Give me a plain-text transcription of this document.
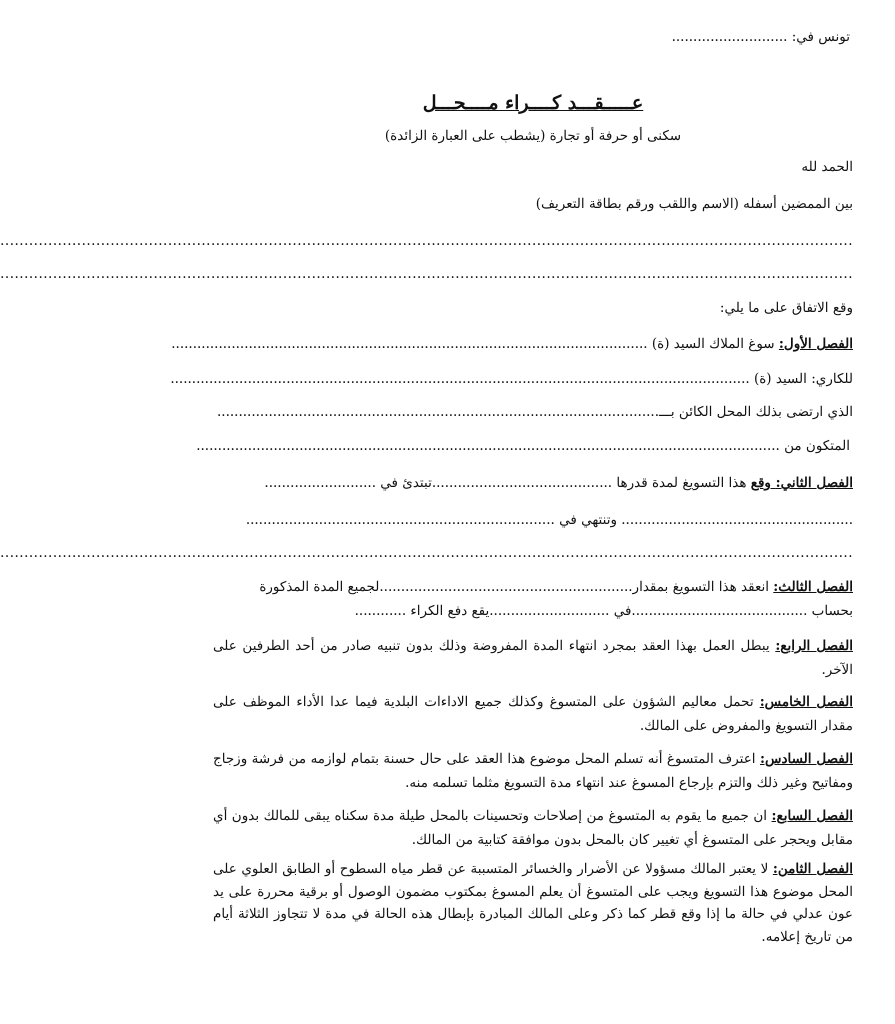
تونس في: ...........................
عـــــقـــد كــــراء مــــحـــل
سكنى أو حرفة أو تجارة (يشطب على العبارة الزائدة)
الحمد لله
بين الممضين أسفله (الاسم واللقب ورقم بطاقة التعريف)
..................................................................................................................................................................................
..................................................................................................................................................................................
وقع الاتفاق على ما يلي:
الفصل الأول: سوغ الملاك السيد (ة) ...............................................................................................................
للكاري: السيد (ة) .......................................................................................................................................
الذي ارتضى بذلك المحل الكائن بـــ.......................................................................................................
المتكون من ........................................................................................................................................
الفصل الثاني: وقع هذا التسويغ لمدة قدرها ..........................................تبتدئ في ..........................
...................................................... وتنتهي في ........................................................................
..................................................................................................................................................................................
الفصل الثالث: انعقد هذا التسويغ بمقدار...........................................................لجميع المدة المذكورة
بحساب .........................................في ............................يقع دفع الكراء ............
الفصل الرابع: يبطل العمل بهذا العقد بمجرد انتهاء المدة المفروضة وذلك بدون تنبيه صادر من أحد الطرفين على الآخر.
الفصل الخامس: تحمل معاليم الشؤون على المتسوغ وكذلك جميع الاداءات البلدية فيما عدا الأداء الموظف على مقدار التسويغ والمفروض على المالك.
الفصل السادس: اعترف المتسوغ أنه تسلم المحل موضوع هذا العقد على حال حسنة بتمام لوازمه من فرشة وزجاج ومفاتيح وغير ذلك والتزم بإرجاع المسوغ عند انتهاء مدة التسويغ مثلما تسلمه منه.
الفصل السابع: ان جميع ما يقوم به المتسوغ من إصلاحات وتحسينات بالمحل طيلة مدة سكناه يبقى للمالك بدون أي مقابل ويحجر على المتسوغ أي تغيير كان بالمحل بدون موافقة كتابية من المالك.
الفصل الثامن: لا يعتبر المالك مسؤولا عن الأضرار والخسائر المتسببة عن قطر مياه السطوح أو الطابق العلوي على المحل موضوع هذا التسويغ ويجب على المتسوغ أن يعلم المسوغ بمكتوب مضمون الوصول أو برقية محررة على يد عون عدلي في حالة ما إذا وقع قطر كما ذكر وعلى المالك المبادرة بإبطال هذه الحالة في مدة لا تتجاوز الثلاثة أيام من تاريخ إعلامه.
